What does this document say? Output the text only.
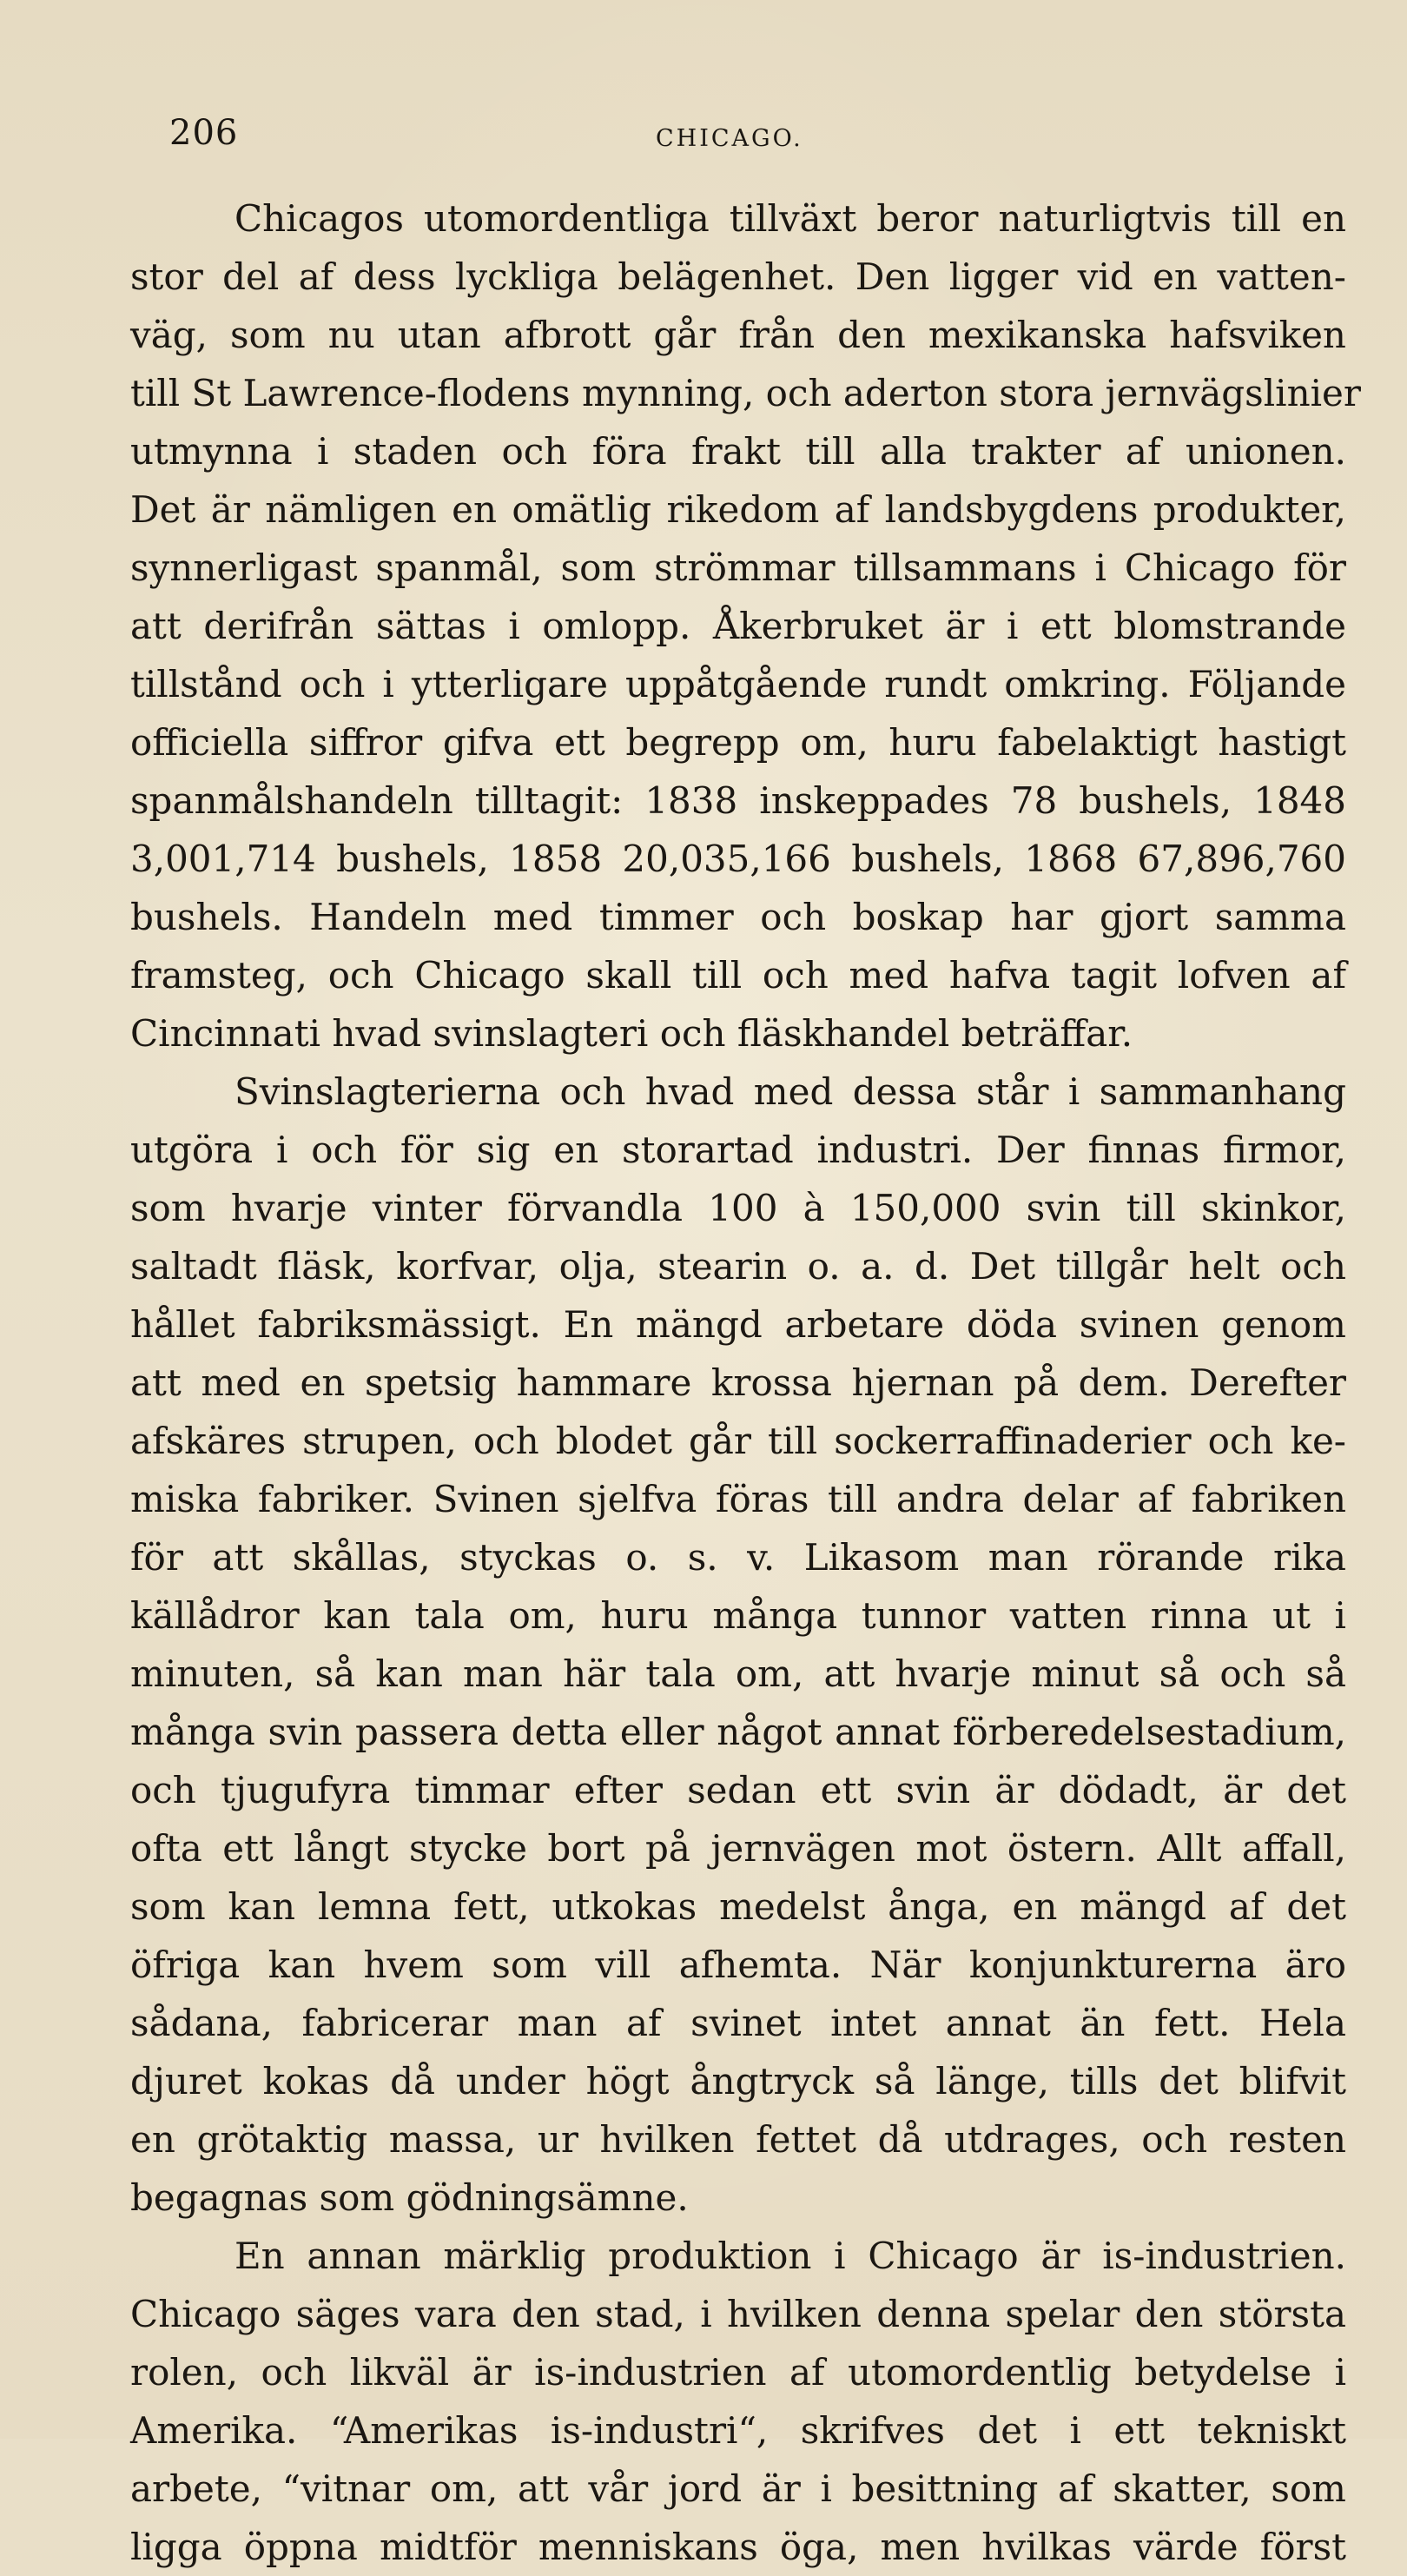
206	CHICAGO.
Chicagos utomordentliga tillväxt beror naturligtvis till en
stor del af dess lyckliga belägenhet. Den ligger vid en vatten-
väg, som nu utan afbrott går från den mexikanska hafsviken
till St Lawrence-flodens mynning, och aderton stora jernvägslinier
utmynna i staden och föra frakt till alla trakter af unionen.
Det är nämligen en omätlig rikedom af landsbygdens produkter,
synnerligast spanmål, som strömmar tillsammans i Chicago för
att derifrån sättas i omlopp. Åkerbruket är i ett blomstrande
tillstånd och i ytterligare uppåtgående rundt omkring. Följande
officiella siffror gifva ett begrepp om, huru fabelaktigt hastigt
spanmålshandeln tilltagit: 1838 inskeppades 78 bushels, 1848
3,001,714 bushels, 1858 20,035,166 bushels, 1868 67,896,760
bushels. Handeln med timmer och boskap har gjort samma
framsteg, och Chicago skall till och med hafva tagit lofven af
Cincinnati hvad svinslagteri och fläskhandel beträffar.
Svinslagterierna och hvad med dessa står i sammanhang
utgöra i och för sig en storartad industri. Der finnas firmor,
som hvarje vinter förvandla 100 à 150,000 svin till skinkor,
saltadt fläsk, korfvar, olja, stearin o. a. d. Det tillgår helt och
hållet fabriksmässigt. En mängd arbetare döda svinen genom
att med en spetsig hammare krossa hjernan på dem. Derefter
afskäres strupen, och blodet går till sockerraffinaderier och ke-
miska fabriker. Svinen sjelfva föras till andra delar af fabriken
för att skållas, styckas o. s. v. Likasom man rörande rika
källådror kan tala om, huru många tunnor vatten rinna ut i
minuten, så kan man här tala om, att hvarje minut så och så
många svin passera detta eller något annat förberedelsestadium,
och tjugufyra timmar efter sedan ett svin är dödadt, är det
ofta ett långt stycke bort på jernvägen mot östern. Allt affall,
som kan lemna fett, utkokas medelst ånga, en mängd af det
öfriga kan hvem som vill afhemta. När konjunkturerna äro
sådana, fabricerar man af svinet intet annat än fett. Hela
djuret kokas då under högt ångtryck så länge, tills det blifvit
en grötaktig massa, ur hvilken fettet då utdrages, och resten
begagnas som gödningsämne.
En annan märklig produktion i Chicago är is-industrien.
Chicago säges vara den stad, i hvilken denna spelar den största
rolen, och likväl är is-industrien af utomordentlig betydelse i
Amerika. “Amerikas is-industri“, skrifves det i ett tekniskt
arbete, “vitnar om, att vår jord är i besittning af skatter, som
ligga öppna midtför menniskans öga, men hvilkas värde först
